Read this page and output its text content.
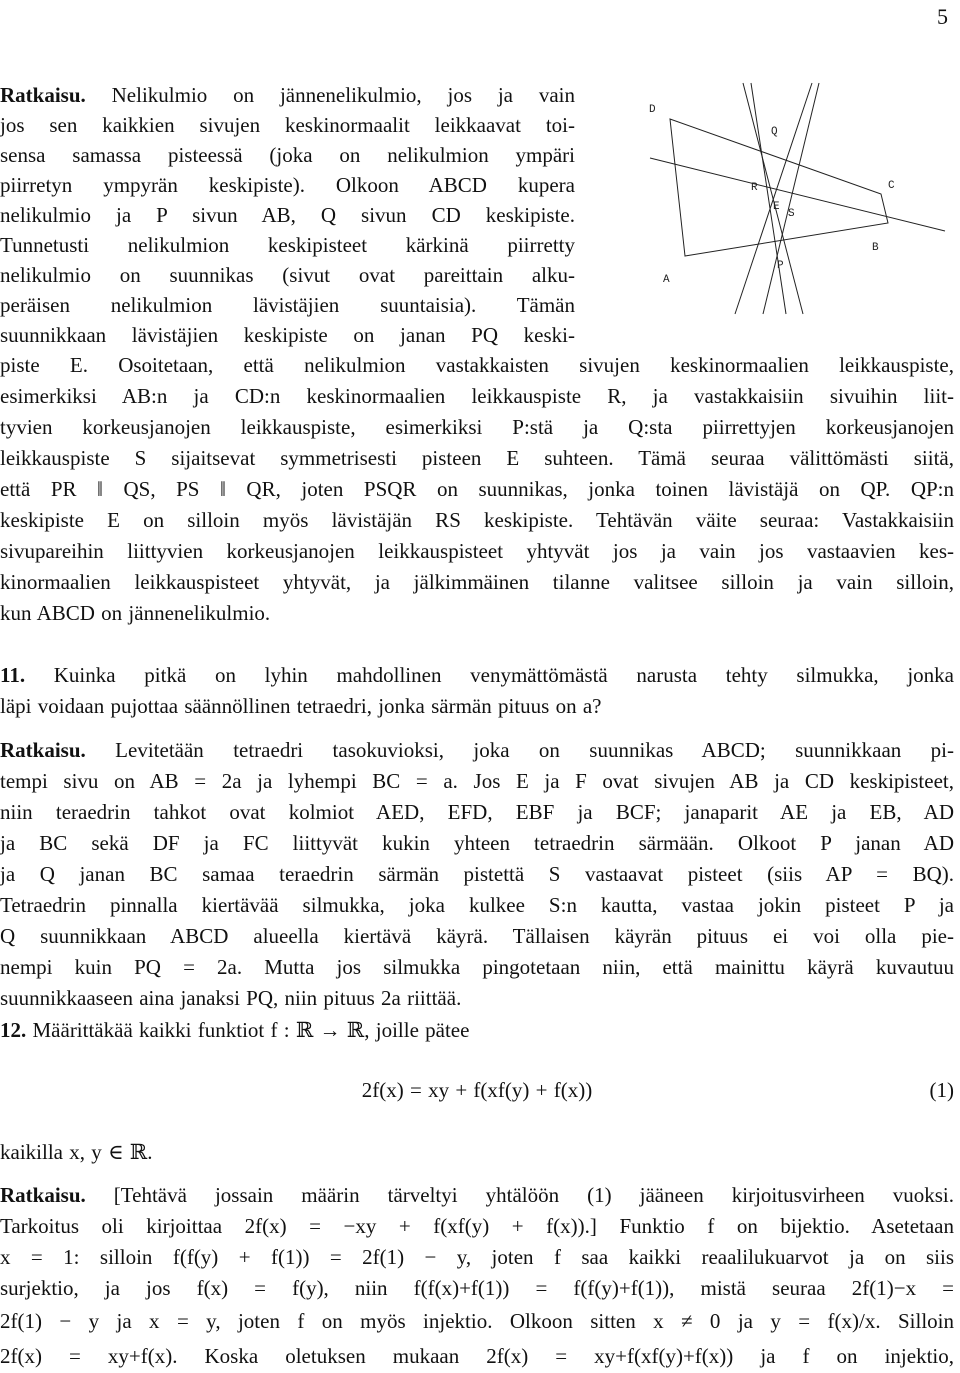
5
D
Q
R	C
E
S
B
P
A

Ratkaisu. Nelikulmio on jännenelikulmio, jos ja vain

jos sen kaikkien sivujen keskinormaalit leikkaavat toi-

sensa samassa pisteessä (joka on nelikulmion ympäri

piirretyn ympyrän keskipiste). Olkoon ABCD kupera

nelikulmio ja P sivun AB, Q sivun CD keskipiste.

Tunnetusti nelikulmion keskipisteet kärkinä piirretty

nelikulmio on suunnikas (sivut ovat pareittain alku-

peräisen nelikulmion lävistäjien suuntaisia). Tämän

suunnikkaan lävistäjien keskipiste on janan PQ keski-

piste E. Osoitetaan, että nelikulmion vastakkaisten sivujen keskinormaalien leikkauspiste,

esimerkiksi AB:n ja CD:n keskinormaalien leikkauspiste R, ja vastakkaisiin sivuihin liit-

tyvien korkeusjanojen leikkauspiste, esimerkiksi P:stä ja Q:sta piirrettyjen korkeusjanojen

leikkauspiste S sijaitsevat symmetrisesti pisteen E suhteen. Tämä seuraa välittömästi siitä,

että PR ‖ QS, PS ‖ QR, joten PSQR on suunnikas, jonka toinen lävistäjä on QP. QP:n

keskipiste E on silloin myös lävistäjän RS keskipiste. Tehtävän väite seuraa: Vastakkaisiin

sivupareihin liittyvien korkeusjanojen leikkauspisteet yhtyvät jos ja vain jos vastaavien kes-

kinormaalien leikkauspisteet yhtyvät, ja jälkimmäinen tilanne valitsee silloin ja vain silloin,

kun ABCD on jännenelikulmio.

11. Kuinka pitkä on lyhin mahdollinen venymättömästä narusta tehty silmukka, jonka

läpi voidaan pujottaa säännöllinen tetraedri, jonka särmän pituus on a?

Ratkaisu. Levitetään tetraedri tasokuvioksi, joka on suunnikas ABCD; suunnikkaan pi-

tempi sivu on AB = 2a ja lyhempi BC = a. Jos E ja F ovat sivujen AB ja CD keskipisteet,

niin teraedrin tahkot ovat kolmiot AED, EFD, EBF ja BCF; janaparit AE ja EB, AD

ja BC sekä DF ja FC liittyvät kukin yhteen tetraedrin särmään. Olkoot P janan AD

ja Q janan BC samaa teraedrin särmän pistettä S vastaavat pisteet (siis AP = BQ).

Tetraedrin pinnalla kiertävää silmukka, joka kulkee S:n kautta, vastaa jokin pisteet P ja

Q suunnikkaan ABCD alueella kiertävä käyrä. Tällaisen käyrän pituus ei voi olla pie-

nempi kuin PQ = 2a. Mutta jos silmukka pingotetaan niin, että mainittu käyrä kuvautuu

suunnikkaaseen aina janaksi PQ, niin pituus 2a riittää.

12. Määrittäkää kaikki funktiot f : ℝ → ℝ, joille pätee

2f(x) = xy + f(xf(y) + f(x))	(1)

kaikilla x, y ∈ ℝ.

Ratkaisu. [Tehtävä jossain määrin tärveltyi yhtälöön (1) jääneen kirjoitusvirheen vuoksi.

Tarkoitus oli kirjoittaa 2f(x) = −xy + f(xf(y) + f(x)).] Funktio f on bijektio. Asetetaan

x = 1: silloin f(f(y) + f(1)) = 2f(1) − y, joten f saa kaikki reaalilukuarvot ja on siis

surjektio, ja jos f(x) = f(y), niin f(f(x)+f(1)) = f(f(y)+f(1)), mistä seuraa 2f(1)−x =

2f(1) − y ja x = y, joten f on myös injektio. Olkoon sitten x ≠ 0 ja y = f(x)/x. Silloin

2f(x) = xy+f(x). Koska oletuksen mukaan 2f(x) = xy+f(xf(y)+f(x)) ja f on injektio,
